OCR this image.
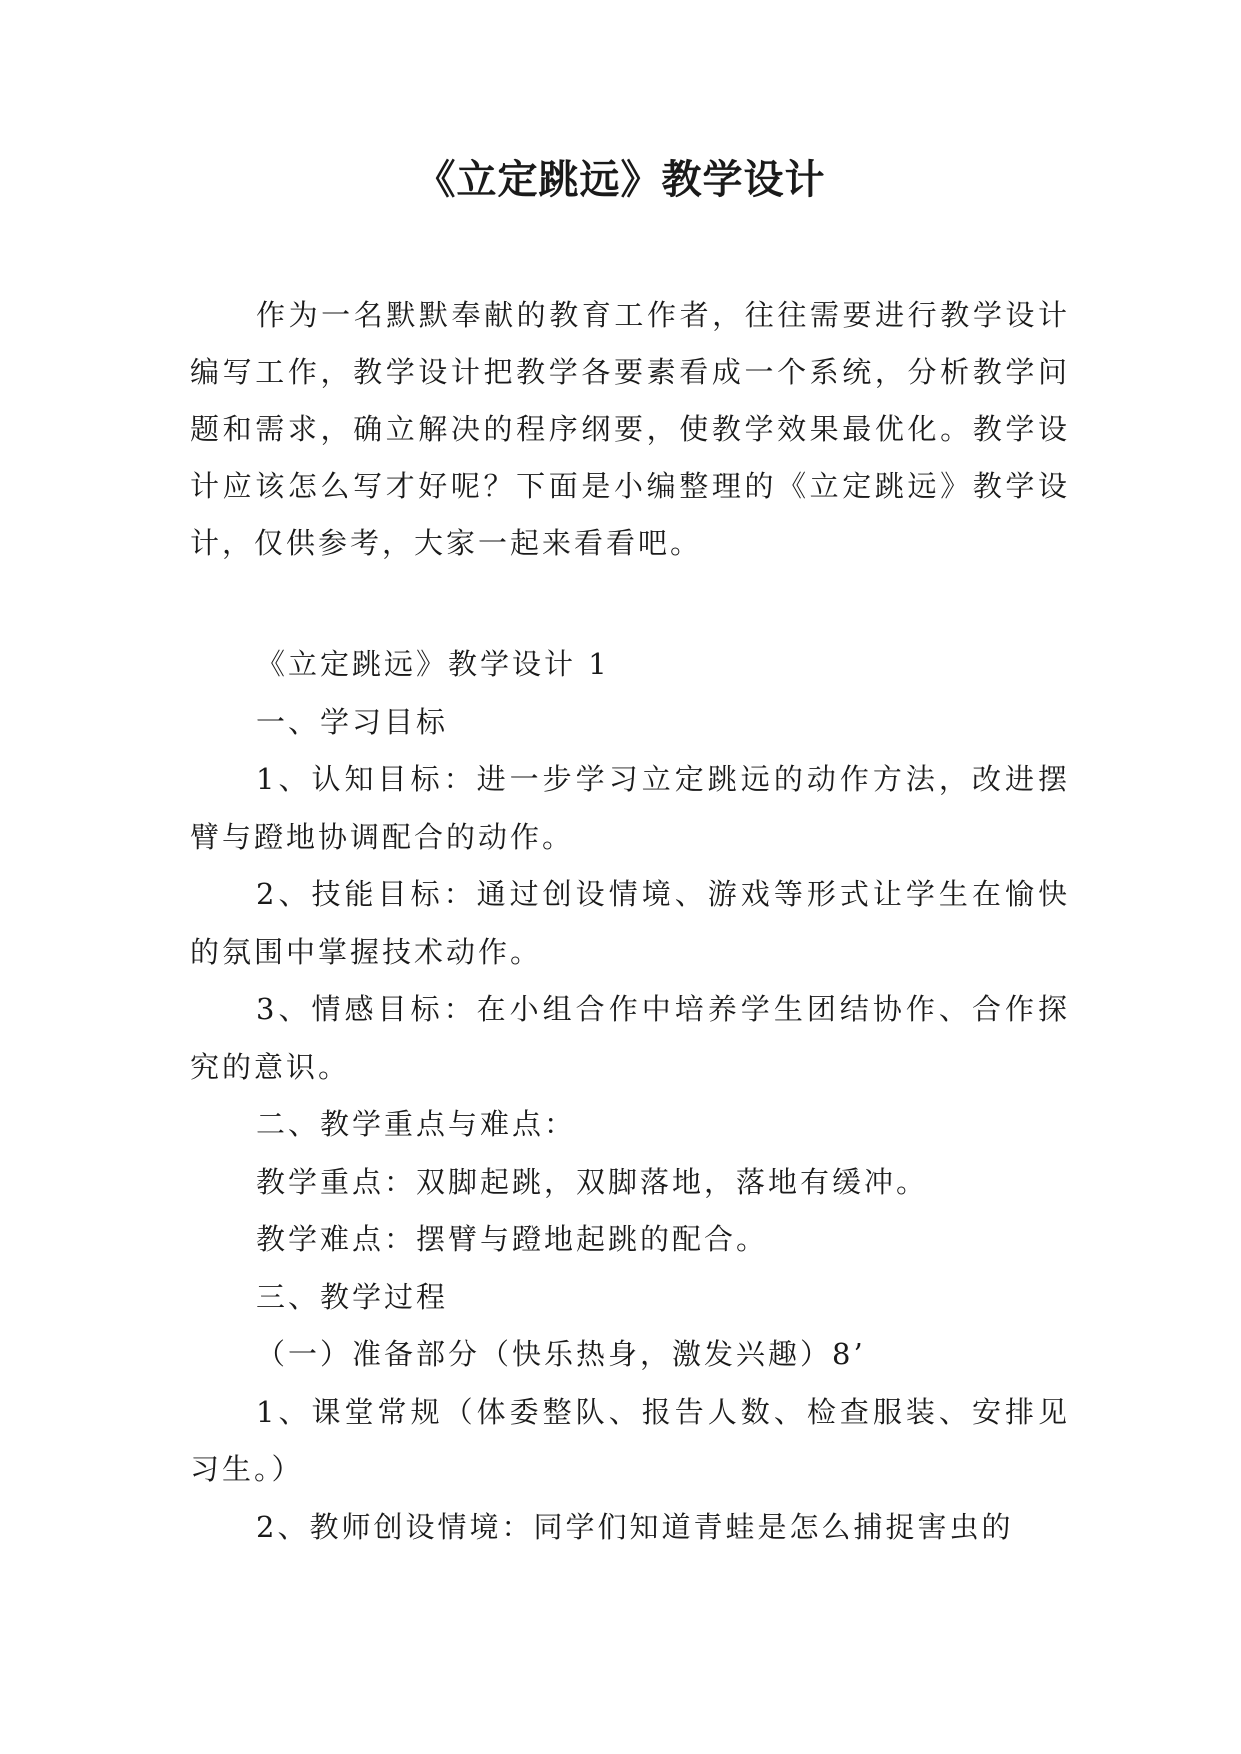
《立定跳远》教学设计

作为一名默默奉献的教育工作者，往往需要进行教学设计编写工作，教学设计把教学各要素看成一个系统，分析教学问题和需求，确立解决的程序纲要，使教学效果最优化。教学设计应该怎么写才好呢？下面是小编整理的《立定跳远》教学设计，仅供参考，大家一起来看看吧。

《立定跳远》教学设计 1

一、学习目标

1、认知目标：进一步学习立定跳远的动作方法，改进摆臂与蹬地协调配合的动作。

2、技能目标：通过创设情境、游戏等形式让学生在愉快的氛围中掌握技术动作。

3、情感目标：在小组合作中培养学生团结协作、合作探究的意识。

二、教学重点与难点：

教学重点：双脚起跳，双脚落地，落地有缓冲。

教学难点：摆臂与蹬地起跳的配合。

三、教学过程

（一）准备部分（快乐热身，激发兴趣）8’

1、课堂常规（体委整队、报告人数、检查服装、安排见习生。）

2、教师创设情境：同学们知道青蛙是怎么捕捉害虫的
